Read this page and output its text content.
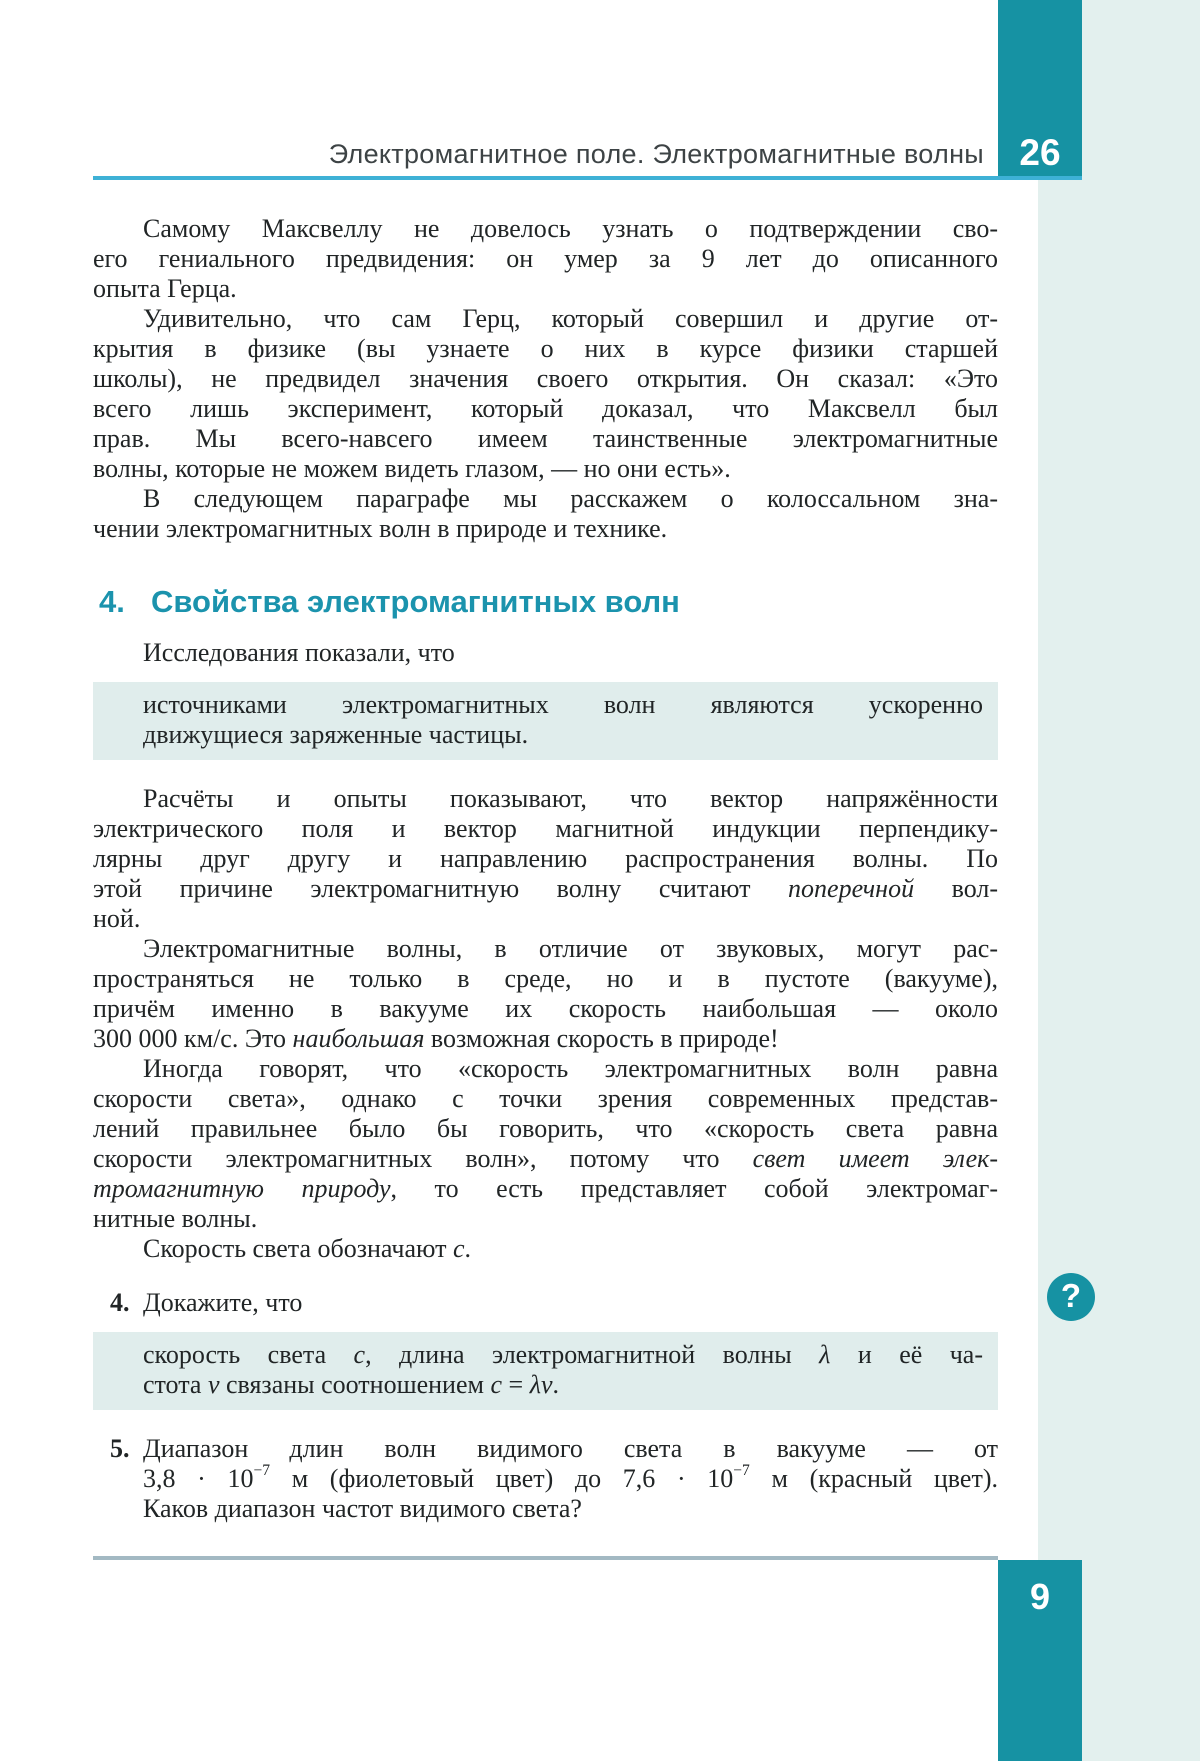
26
Электромагнитное поле. Электромагнитные волны
Самому Максвеллу не довелось узнать о подтверждении сво-
его гениального предвидения: он умер за 9 лет до описанного
опыта Герца.
Удивительно, что сам Герц, который совершил и другие от-
крытия в физике (вы узнаете о них в курсе физики старшей
школы), не предвидел значения своего открытия. Он сказал: «Это
всего лишь эксперимент, который доказал, что Максвелл был
прав. Мы всего-навсего имеем таинственные электромагнитные
волны, которые не можем видеть глазом, — но они есть».
В следующем параграфе мы расскажем о колоссальном зна-
чении электромагнитных волн в природе и технике.
4. Свойства электромагнитных волн
Исследования показали, что
источниками электромагнитных волн являются ускоренно
движущиеся заряженные частицы.
Расчёты и опыты показывают, что вектор напряжённости
электрического поля и вектор магнитной индукции перпендику-
лярны друг другу и направлению распространения волны. По
этой причине электромагнитную волну считают поперечной вол-
ной.
Электромагнитные волны, в отличие от звуковых, могут рас-
пространяться не только в среде, но и в пустоте (вакууме),
причём именно в вакууме их скорость наибольшая — около
300 000 км/с. Это наибольшая возможная скорость в природе!
Иногда говорят, что «скорость электромагнитных волн равна
скорости света», однако с точки зрения современных представ-
лений правильнее было бы говорить, что «скорость света равна
скорости электромагнитных волн», потому что свет имеет элек-
тромагнитную природу, то есть представляет собой электромаг-
нитные волны.
Скорость света обозначают c.
4. Докажите, что
скорость света c, длина электромагнитной волны λ и её ча-
стота ν связаны соотношением c = λν.
5. Диапазон длин волн видимого света в вакууме — от
$3,8 \cdot 10^{-7}$ м (фиолетовый цвет) до $7,6 \cdot 10^{-7}$ м (красный цвет).
Каков диапазон частот видимого света?
?
9
